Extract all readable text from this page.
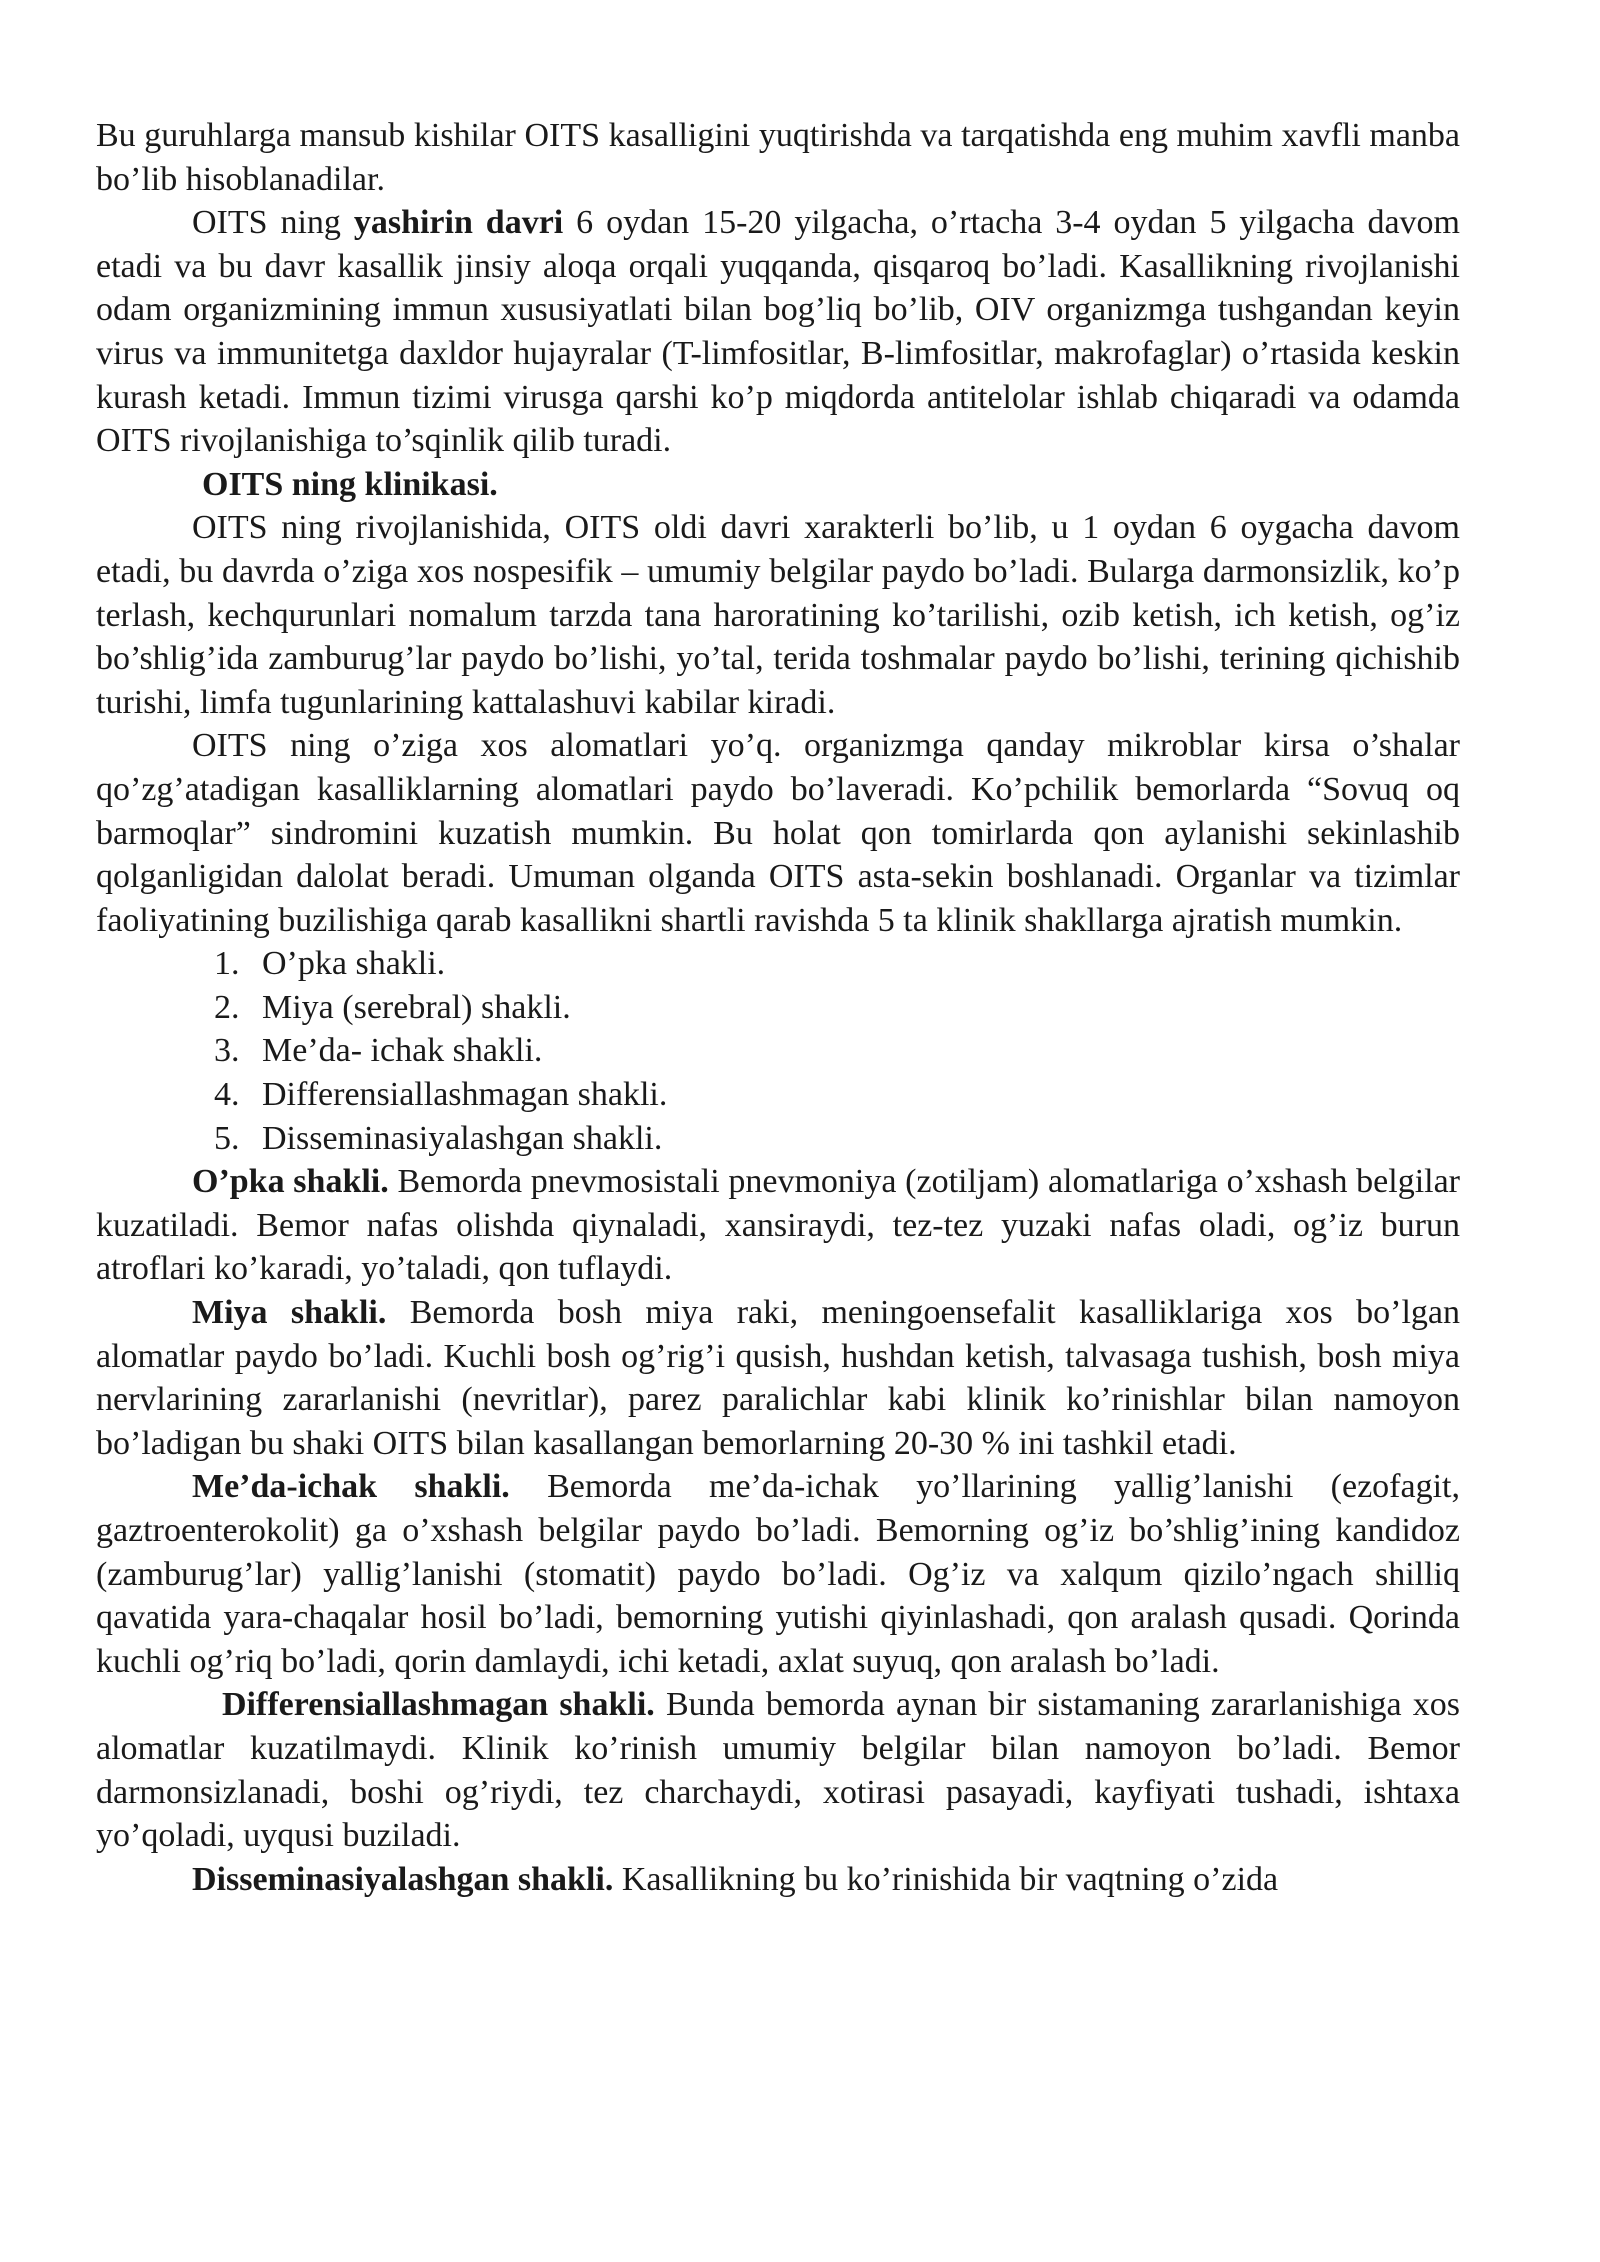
Bu guruhlarga mansub kishilar OITS kasalligini yuqtirishda va tarqatishda eng muhim xavfli manba bo’lib hisoblanadilar.

OITS ning yashirin davri 6 oydan 15-20 yilgacha, o’rtacha 3-4 oydan 5 yilgacha davom etadi va bu davr kasallik jinsiy aloqa orqali yuqqanda, qisqaroq bo’ladi. Kasallikning rivojlanishi odam organizmining immun xususiyatlati bilan bog’liq bo’lib, OIV organizmga tushgandan keyin virus va immunitetga daxldor hujayralar (T-limfositlar, B-limfositlar, makrofaglar) o’rtasida keskin kurash ketadi. Immun tizimi virusga qarshi ko’p miqdorda antitelolar ishlab chiqaradi va odamda OITS rivojlanishiga to’sqinlik qilib turadi.

OITS ning klinikasi.

OITS ning rivojlanishida, OITS oldi davri xarakterli bo’lib, u 1 oydan 6 oygacha davom etadi, bu davrda o’ziga xos nospesifik – umumiy belgilar paydo bo’ladi. Bularga darmonsizlik, ko’p terlash, kechqurunlari nomalum tarzda tana haroratining ko’tarilishi, ozib ketish, ich ketish, og’iz bo’shlig’ida zamburug’lar paydo bo’lishi, yo’tal, terida toshmalar paydo bo’lishi, terining qichishib turishi, limfa tugunlarining kattalashuvi kabilar kiradi.

OITS ning o’ziga xos alomatlari yo’q. organizmga qanday mikroblar kirsa o’shalar qo’zg’atadigan kasalliklarning alomatlari paydo bo’laveradi. Ko’pchilik bemorlarda “Sovuq oq barmoqlar” sindromini kuzatish mumkin. Bu holat qon tomirlarda qon aylanishi sekinlashib qolganligidan dalolat beradi. Umuman olganda OITS asta-sekin boshlanadi. Organlar va tizimlar faoliyatining buzilishiga qarab kasallikni shartli ravishda 5 ta klinik shakllarga ajratish mumkin.

1. O’pka shakli.
2. Miya (serebral) shakli.
3. Me’da- ichak shakli.
4. Differensiallashmagan shakli.
5. Disseminasiyalashgan shakli.

O’pka shakli. Bemorda pnevmosistali pnevmoniya (zotiljam) alomatlariga o’xshash belgilar kuzatiladi. Bemor nafas olishda qiynaladi, xansiraydi, tez-tez yuzaki nafas oladi, og’iz burun atroflari ko’karadi, yo’taladi, qon tuflaydi.

Miya shakli. Bemorda bosh miya raki, meningoensefalit kasalliklariga xos bo’lgan alomatlar paydo bo’ladi. Kuchli bosh og’rig’i qusish, hushdan ketish, talvasaga tushish, bosh miya nervlarining zararlanishi (nevritlar), parez paralichlar kabi klinik ko’rinishlar bilan namoyon bo’ladigan bu shaki OITS bilan kasallangan bemorlarning 20-30 % ini tashkil etadi.

Me’da-ichak shakli. Bemorda me’da-ichak yo’llarining yallig’lanishi (ezofagit, gaztroenterokolit) ga o’xshash belgilar paydo bo’ladi. Bemorning og’iz bo’shlig’ining kandidoz (zamburug’lar) yallig’lanishi (stomatit) paydo bo’ladi. Og’iz va xalqum qizilo’ngach shilliq qavatida yara-chaqalar hosil bo’ladi, bemorning yutishi qiyinlashadi, qon aralash qusadi. Qorinda kuchli og’riq bo’ladi, qorin damlaydi, ichi ketadi, axlat suyuq, qon aralash bo’ladi.

Differensiallashmagan shakli. Bunda bemorda aynan bir sistamaning zararlanishiga xos alomatlar kuzatilmaydi. Klinik ko’rinish umumiy belgilar bilan namoyon bo’ladi. Bemor darmonsizlanadi, boshi og’riydi, tez charchaydi, xotirasi pasayadi, kayfiyati tushadi, ishtaxa yo’qoladi, uyqusi buziladi.

Disseminasiyalashgan shakli. Kasallikning bu ko’rinishida bir vaqtning o’zida
